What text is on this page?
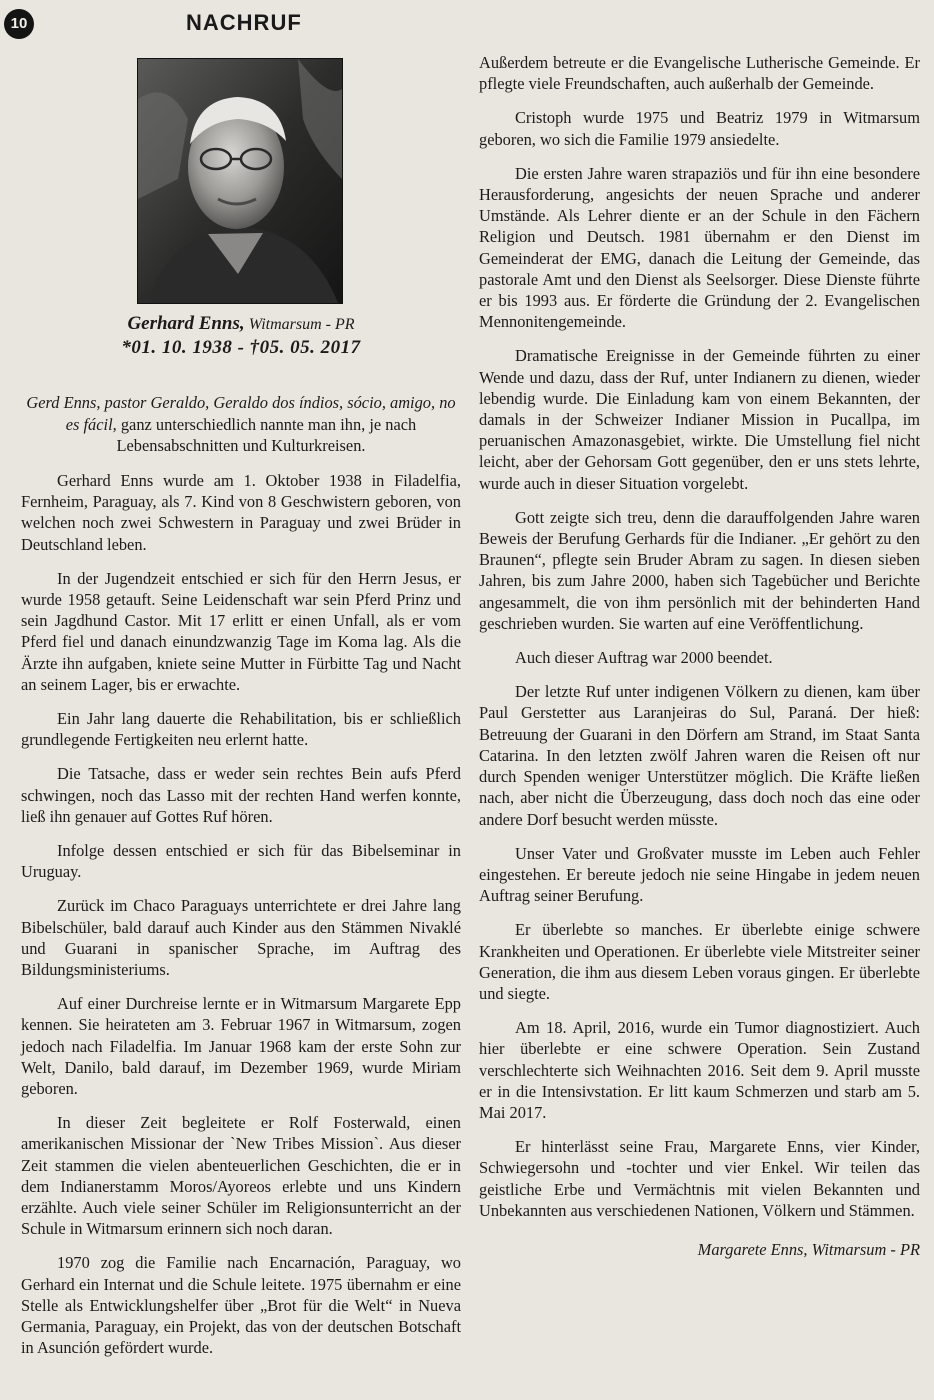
10	NACHRUF
Gerhard Enns, Witmarsum - PR
*01. 10. 1938 - †05. 05. 2017
Gerd Enns, pastor Geraldo, Geraldo dos índios, sócio, amigo, no es fácil, ganz unterschiedlich nannte man ihn, je nach Lebensabschnitten und Kulturkreisen.

Gerhard Enns wurde am 1. Oktober 1938 in Filadelfia, Fernheim, Paraguay, als 7. Kind von 8 Geschwistern geboren, von welchen noch zwei Schwestern in Paraguay und zwei Brüder in Deutschland leben.

In der Jugendzeit entschied er sich für den Herrn Jesus, er wurde 1958 getauft. Seine Leidenschaft war sein Pferd Prinz und sein Jagdhund Castor. Mit 17 erlitt er einen Unfall, als er vom Pferd fiel und danach einundzwanzig Tage im Koma lag. Als die Ärzte ihn aufgaben, kniete seine Mutter in Fürbitte Tag und Nacht an seinem Lager, bis er erwachte.

Ein Jahr lang dauerte die Rehabilitation, bis er schließlich grundlegende Fertigkeiten neu erlernt hatte.

Die Tatsache, dass er weder sein rechtes Bein aufs Pferd schwingen, noch das Lasso mit der rechten Hand werfen konnte, ließ ihn genauer auf Gottes Ruf hören.

Infolge dessen entschied er sich für das Bibelseminar in Uruguay.

Zurück im Chaco Paraguays unterrichtete er drei Jahre lang Bibelschüler, bald darauf auch Kinder aus den Stämmen Nivaklé und Guarani in spanischer Sprache, im Auftrag des Bildungsministeriums.

Auf einer Durchreise lernte er in Witmarsum Margarete Epp kennen. Sie heirateten am 3. Februar 1967 in Witmarsum, zogen jedoch nach Filadelfia. Im Januar 1968 kam der erste Sohn zur Welt, Danilo, bald darauf, im Dezember 1969, wurde Miriam geboren.

In dieser Zeit begleitete er Rolf Fosterwald, einen amerikanischen Missionar der `New Tribes Mission`. Aus dieser Zeit stammen die vielen abenteuerlichen Geschichten, die er in dem Indianerstamm Moros/Ayoreos erlebte und uns Kindern erzählte. Auch viele seiner Schüler im Religionsunterricht an der Schule in Witmarsum erinnern sich noch daran.

1970 zog die Familie nach Encarnación, Paraguay, wo Gerhard ein Internat und die Schule leitete. 1975 übernahm er eine Stelle als Entwicklungshelfer über „Brot für die Welt“ in Nueva Germania, Paraguay, ein Projekt, das von der deutschen Botschaft in Asunción gefördert wurde.

Außerdem betreute er die Evangelische Lutherische Gemeinde. Er pflegte viele Freundschaften, auch außerhalb der Gemeinde.

Cristoph wurde 1975 und Beatriz 1979 in Witmarsum geboren, wo sich die Familie 1979 ansiedelte.

Die ersten Jahre waren strapaziös und für ihn eine besondere Herausforderung, angesichts der neuen Sprache und anderer Umstände. Als Lehrer diente er an der Schule in den Fächern Religion und Deutsch. 1981 übernahm er den Dienst im Gemeinderat der EMG, danach die Leitung der Gemeinde, das pastorale Amt und den Dienst als Seelsorger. Diese Dienste führte er bis 1993 aus. Er förderte die Gründung der 2. Evangelischen Mennonitengemeinde.

Dramatische Ereignisse in der Gemeinde führten zu einer Wende und dazu, dass der Ruf, unter Indianern zu dienen, wieder lebendig wurde. Die Einladung kam von einem Bekannten, der damals in der Schweizer Indianer Mission in Pucallpa, im peruanischen Amazonasgebiet, wirkte. Die Umstellung fiel nicht leicht, aber der Gehorsam Gott gegenüber, den er uns stets lehrte, wurde auch in dieser Situation vorgelebt.

Gott zeigte sich treu, denn die darauffolgenden Jahre waren Beweis der Berufung Gerhards für die Indianer. „Er gehört zu den Braunen“, pflegte sein Bruder Abram zu sagen. In diesen sieben Jahren, bis zum Jahre 2000, haben sich Tagebücher und Berichte angesammelt, die von ihm persönlich mit der behinderten Hand geschrieben wurden. Sie warten auf eine Veröffentlichung.

Auch dieser Auftrag war 2000 beendet.

Der letzte Ruf unter indigenen Völkern zu dienen, kam über Paul Gerstetter aus Laranjeiras do Sul, Paraná. Der hieß: Betreuung der Guarani in den Dörfern am Strand, im Staat Santa Catarina. In den letzten zwölf Jahren waren die Reisen oft nur durch Spenden weniger Unterstützer möglich. Die Kräfte ließen nach, aber nicht die Überzeugung, dass doch noch das eine oder andere Dorf besucht werden müsste.

Unser Vater und Großvater musste im Leben auch Fehler eingestehen. Er bereute jedoch nie seine Hingabe in jedem neuen Auftrag seiner Berufung.

Er überlebte so manches. Er überlebte einige schwere Krankheiten und Operationen. Er überlebte viele Mitstreiter seiner Generation, die ihm aus diesem Leben voraus gingen. Er überlebte und siegte.

Am 18. April, 2016, wurde ein Tumor diagnostiziert. Auch hier überlebte er eine schwere Operation. Sein Zustand verschlechterte sich Weihnachten 2016. Seit dem 9. April musste er in die Intensivstation. Er litt kaum Schmerzen und starb am 5. Mai 2017.

Er hinterlässt seine Frau, Margarete Enns, vier Kinder, Schwiegersohn und -tochter und vier Enkel. Wir teilen das geistliche Erbe und Vermächtnis mit vielen Bekannten und Unbekannten aus verschiedenen Nationen, Völkern und Stämmen.

Margarete Enns, Witmarsum - PR
